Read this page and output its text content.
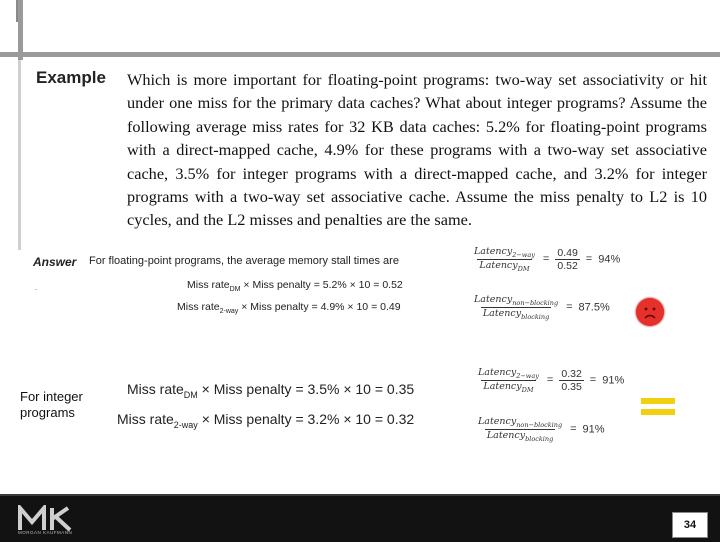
Example Which is more important for floating-point programs: two-way set associativity or hit under one miss for the primary data caches? What about integer programs? Assume the following average miss rates for 32 KB data caches: 5.2% for floating-point programs with a direct-mapped cache, 4.9% for these programs with a two-way set associative cache, 3.5% for integer programs with a direct-mapped cache, and 3.2% for integer programs with a two-way set associative cache. Assume the miss penalty to L2 is 10 cycles, and the L2 misses and penalties are the same.
Answer For floating-point programs, the average memory stall times are
.	Miss rate$_{DM}$ × Miss penalty = 5.2% × 10 = 0.52
Miss rate$_{2-way}$ × Miss penalty = 4.9% × 10 = 0.49
For integer programs
Miss rate$_{DM}$ × Miss penalty = 3.5% × 10 = 0.35
Miss rate$_{2-way}$ × Miss penalty = 3.2% × 10 = 0.32
$\frac{Latency_{2-way}}{Latency_{DM}} = \frac{0.49}{0.52} = 94\%$
$\frac{Latency_{non-blocking}}{Latency_{blocking}} = 87.5\%$
$\frac{Latency_{2-way}}{Latency_{DM}} = \frac{0.32}{0.35} = 91\%$
$\frac{Latency_{non-blocking}}{Latency_{blocking}} = 91\%$
MORGAN KAUFMANN
34
